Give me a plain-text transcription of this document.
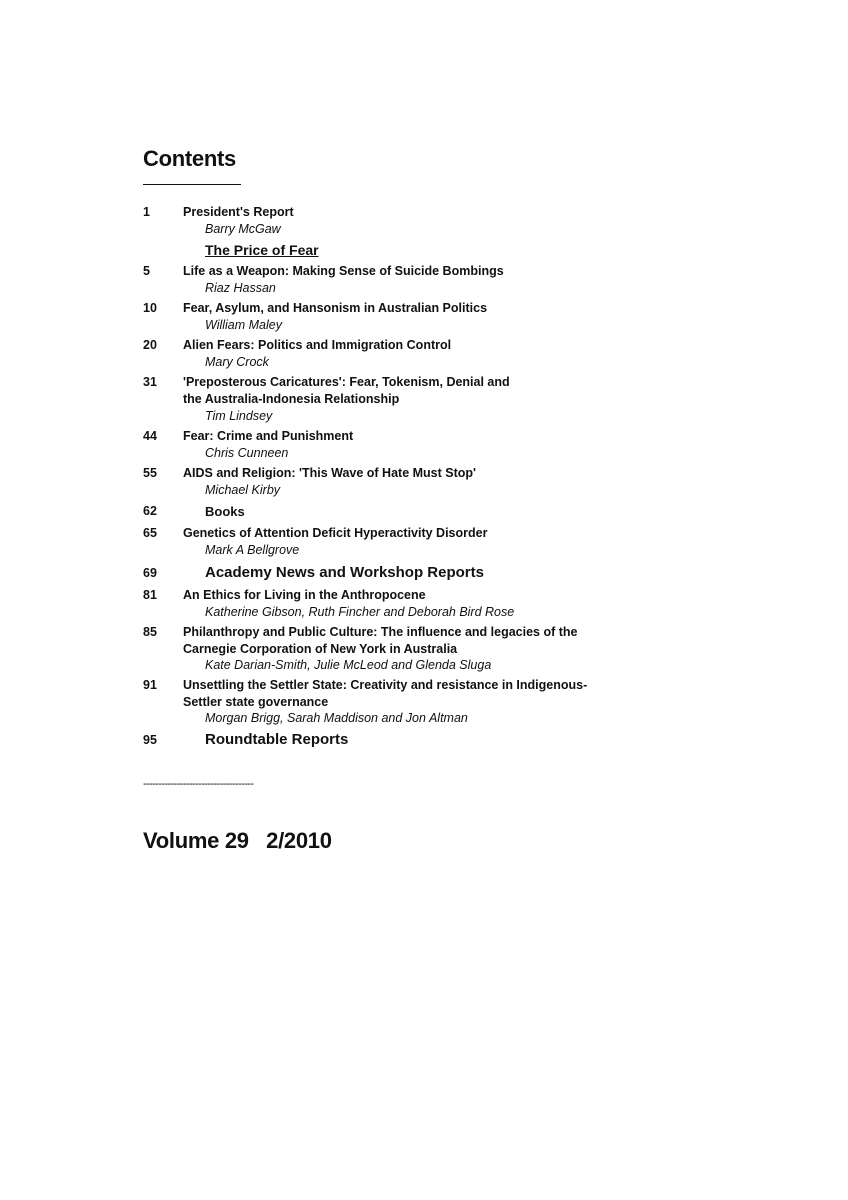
Contents
1	President's Report
Barry McGaw
The Price of Fear
5	Life as a Weapon: Making Sense of Suicide Bombings
Riaz Hassan
10 Fear, Asylum, and Hansonism in Australian Politics
William Maley
20 Alien Fears: Politics and Immigration Control
Mary Crock
31 'Preposterous Caricatures': Fear, Tokenism, Denial and
the Australia-Indonesia Relationship
Tim Lindsey
44 Fear: Crime and Punishment
Chris Cunneen
55 AIDS and Religion: 'This Wave of Hate Must Stop'
Michael Kirby
62	Books
65 Genetics of Attention Deficit Hyperactivity Disorder
Mark A Bellgrove
69	Academy News and Workshop Reports
81 An Ethics for Living in the Anthropocene
Katherine Gibson, Ruth Fincher and Deborah Bird Rose
85 Philanthropy and Public Culture: The influence and legacies of the
Carnegie Corporation of New York in Australia
Kate Darian-Smith, Julie McLeod and Glenda Sluga
91 Unsettling the Settler State: Creativity and resistance in Indigenous-
Settler state governance
Morgan Brigg, Sarah Maddison and Jon Altman
95	Roundtable Reports
------------------------------------
Volume 29   2/2010
